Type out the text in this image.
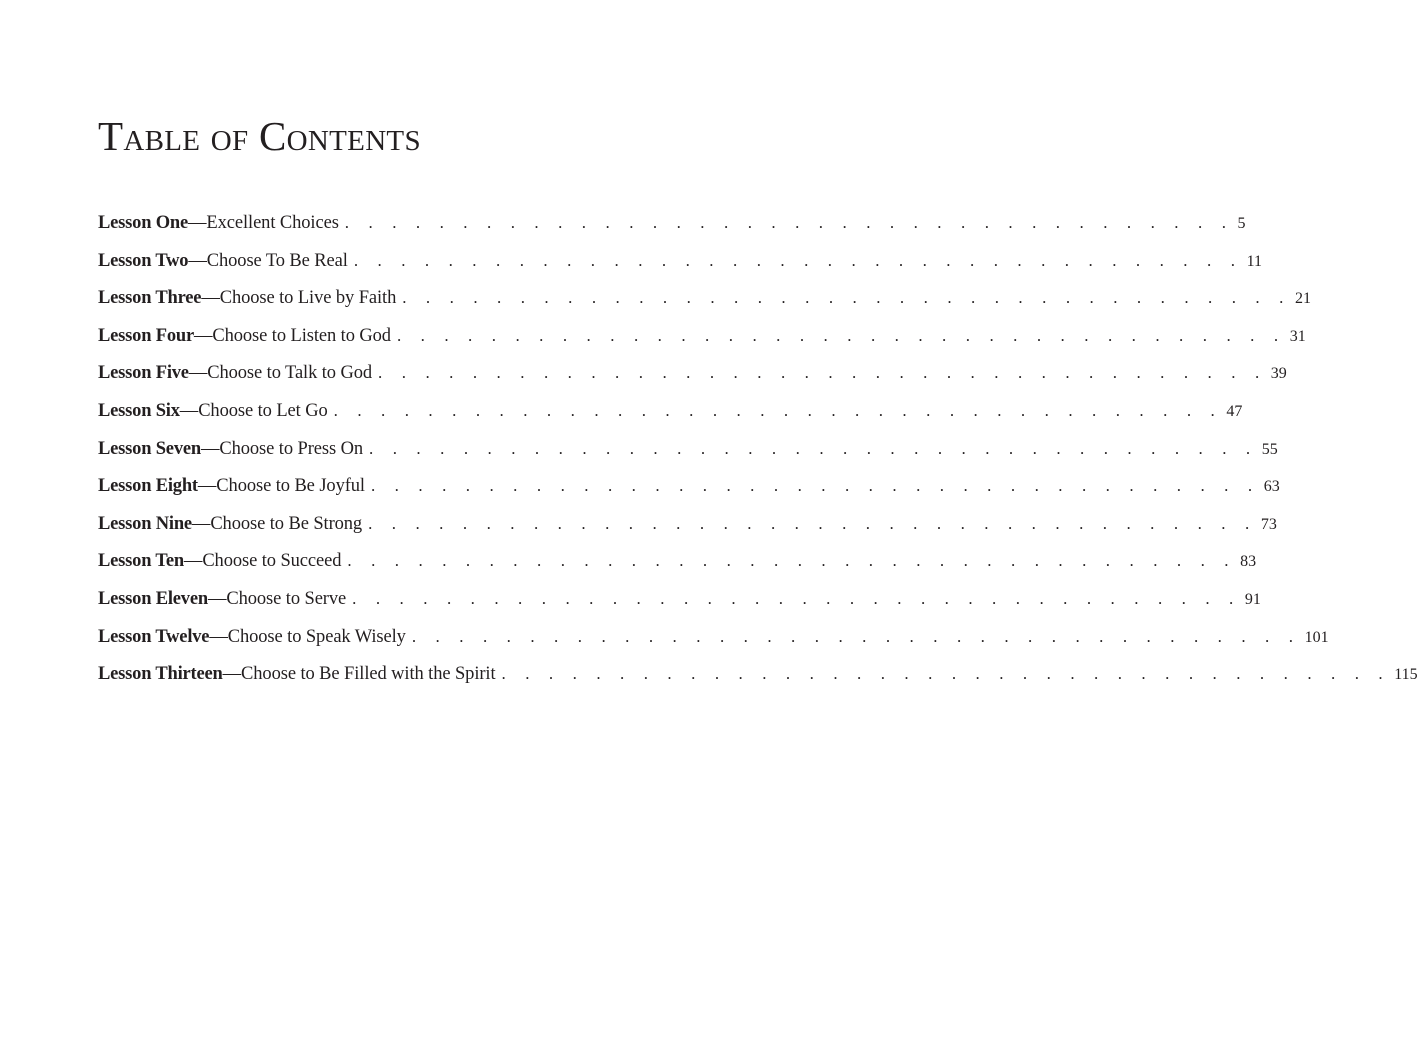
Table of Contents
Lesson One —Excellent Choices . . . . . . . . . . . . . . . . . . . . . . . . . . . . . . . . . . . . . . 5
Lesson Two —Choose To Be Real . . . . . . . . . . . . . . . . . . . . . . . . . . . . . . . . . . . . . . 11
Lesson Three —Choose to Live by Faith . . . . . . . . . . . . . . . . . . . . . . . . . . . . . . . . . . . . . . 21
Lesson Four —Choose to Listen to God . . . . . . . . . . . . . . . . . . . . . . . . . . . . . . . . . . . . . . 31
Lesson Five —Choose to Talk to God . . . . . . . . . . . . . . . . . . . . . . . . . . . . . . . . . . . . . . 39
Lesson Six —Choose to Let Go . . . . . . . . . . . . . . . . . . . . . . . . . . . . . . . . . . . . . . 47
Lesson Seven —Choose to Press On . . . . . . . . . . . . . . . . . . . . . . . . . . . . . . . . . . . . . . 55
Lesson Eight —Choose to Be Joyful . . . . . . . . . . . . . . . . . . . . . . . . . . . . . . . . . . . . . . 63
Lesson Nine —Choose to Be Strong . . . . . . . . . . . . . . . . . . . . . . . . . . . . . . . . . . . . . . 73
Lesson Ten —Choose to Succeed . . . . . . . . . . . . . . . . . . . . . . . . . . . . . . . . . . . . . . 83
Lesson Eleven —Choose to Serve . . . . . . . . . . . . . . . . . . . . . . . . . . . . . . . . . . . . . . 91
Lesson Twelve —Choose to Speak Wisely . . . . . . . . . . . . . . . . . . . . . . . . . . . . . . . . . . . . . . 101
Lesson Thirteen —Choose to Be Filled with the Spirit . . . . . . . . . . . . . . . . . . . . . . . . . . . . . . . . . . . . . . 115
